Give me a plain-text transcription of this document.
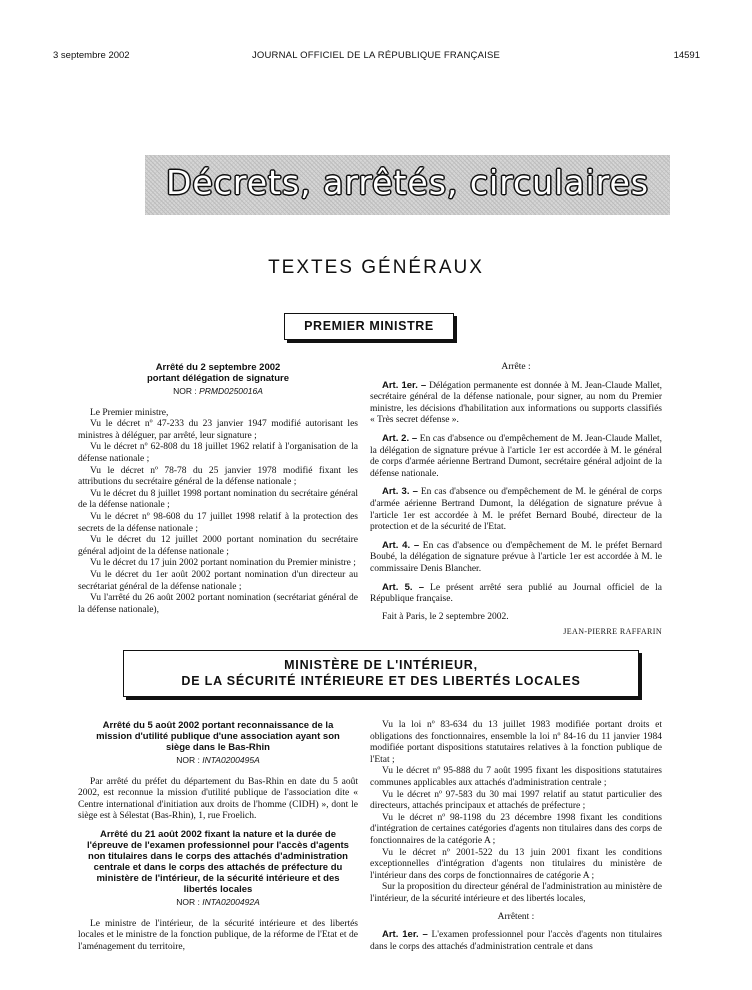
3 septembre 2002	JOURNAL OFFICIEL DE LA RÉPUBLIQUE FRANÇAISE	14591
Décrets, arrêtés, circulaires
TEXTES GÉNÉRAUX
PREMIER MINISTRE
Arrêté du 2 septembre 2002
portant délégation de signature
NOR : PRMD0250016A

Le Premier ministre,

Vu le décret nº 47-233 du 23 janvier 1947 modifié autorisant les ministres à déléguer, par arrêté, leur signature ;

Vu le décret nº 62-808 du 18 juillet 1962 relatif à l'organisation de la défense nationale ;

Vu le décret nº 78-78 du 25 janvier 1978 modifié fixant les attributions du secrétaire général de la défense nationale ;

Vu le décret du 8 juillet 1998 portant nomination du secrétaire général de la défense nationale ;

Vu le décret nº 98-608 du 17 juillet 1998 relatif à la protection des secrets de la défense nationale ;

Vu le décret du 12 juillet 2000 portant nomination du secrétaire général adjoint de la défense nationale ;

Vu le décret du 17 juin 2002 portant nomination du Premier ministre ;

Vu le décret du 1er août 2002 portant nomination d'un directeur au secrétariat général de la défense nationale ;

Vu l'arrêté du 26 août 2002 portant nomination (secrétariat général de la défense nationale),

Arrête :

Art. 1er. – Délégation permanente est donnée à M. Jean-Claude Mallet, secrétaire général de la défense nationale, pour signer, au nom du Premier ministre, les décisions d'habilitation aux informations ou supports classifiés « Très secret défense ».

Art. 2. – En cas d'absence ou d'empêchement de M. Jean-Claude Mallet, la délégation de signature prévue à l'article 1er est accordée à M. le général de corps d'armée aérienne Bertrand Dumont, secrétaire général adjoint de la défense nationale.

Art. 3. – En cas d'absence ou d'empêchement de M. le général de corps d'armée aérienne Bertrand Dumont, la délégation de signature prévue à l'article 1er est accordée à M. le préfet Bernard Boubé, directeur de la protection et de la sécurité de l'Etat.

Art. 4. – En cas d'absence ou d'empêchement de M. le préfet Bernard Boubé, la délégation de signature prévue à l'article 1er est accordée à M. le commissaire Denis Blancher.

Art. 5. – Le présent arrêté sera publié au Journal officiel de la République française.

Fait à Paris, le 2 septembre 2002.

JEAN-PIERRE RAFFARIN
MINISTÈRE DE L'INTÉRIEUR,
DE LA SÉCURITÉ INTÉRIEURE ET DES LIBERTÉS LOCALES
Arrêté du 5 août 2002 portant reconnaissance de la mission d'utilité publique d'une association ayant son siège dans le Bas-Rhin
NOR : INTA0200495A

Par arrêté du préfet du département du Bas-Rhin en date du 5 août 2002, est reconnue la mission d'utilité publique de l'association dite « Centre international d'initiation aux droits de l'homme (CIDH) », dont le siège est à Sélestat (Bas-Rhin), 1, rue Froelich.

Arrêté du 21 août 2002 fixant la nature et la durée de l'épreuve de l'examen professionnel pour l'accès d'agents non titulaires dans le corps des attachés d'administration centrale et dans le corps des attachés de préfecture du ministère de l'intérieur, de la sécurité intérieure et des libertés locales
NOR : INTA0200492A

Le ministre de l'intérieur, de la sécurité intérieure et des libertés locales et le ministre de la fonction publique, de la réforme de l'Etat et de l'aménagement du territoire,

Vu la loi nº 83-634 du 13 juillet 1983 modifiée portant droits et obligations des fonctionnaires, ensemble la loi nº 84-16 du 11 janvier 1984 modifiée portant dispositions statutaires relatives à la fonction publique de l'Etat ;

Vu le décret nº 95-888 du 7 août 1995 fixant les dispositions statutaires communes applicables aux attachés d'administration centrale ;

Vu le décret nº 97-583 du 30 mai 1997 relatif au statut particulier des directeurs, attachés principaux et attachés de préfecture ;

Vu le décret nº 98-1198 du 23 décembre 1998 fixant les conditions d'intégration de certaines catégories d'agents non titulaires dans des corps de fonctionnaires de la catégorie A ;

Vu le décret nº 2001-522 du 13 juin 2001 fixant les conditions exceptionnelles d'intégration d'agents non titulaires du ministère de l'intérieur dans des corps de fonctionnaires de catégorie A ;

Sur la proposition du directeur général de l'administration au ministère de l'intérieur, de la sécurité intérieure et des libertés locales,

Arrêtent :

Art. 1er. – L'examen professionnel pour l'accès d'agents non titulaires dans le corps des attachés d'administration centrale et dans
